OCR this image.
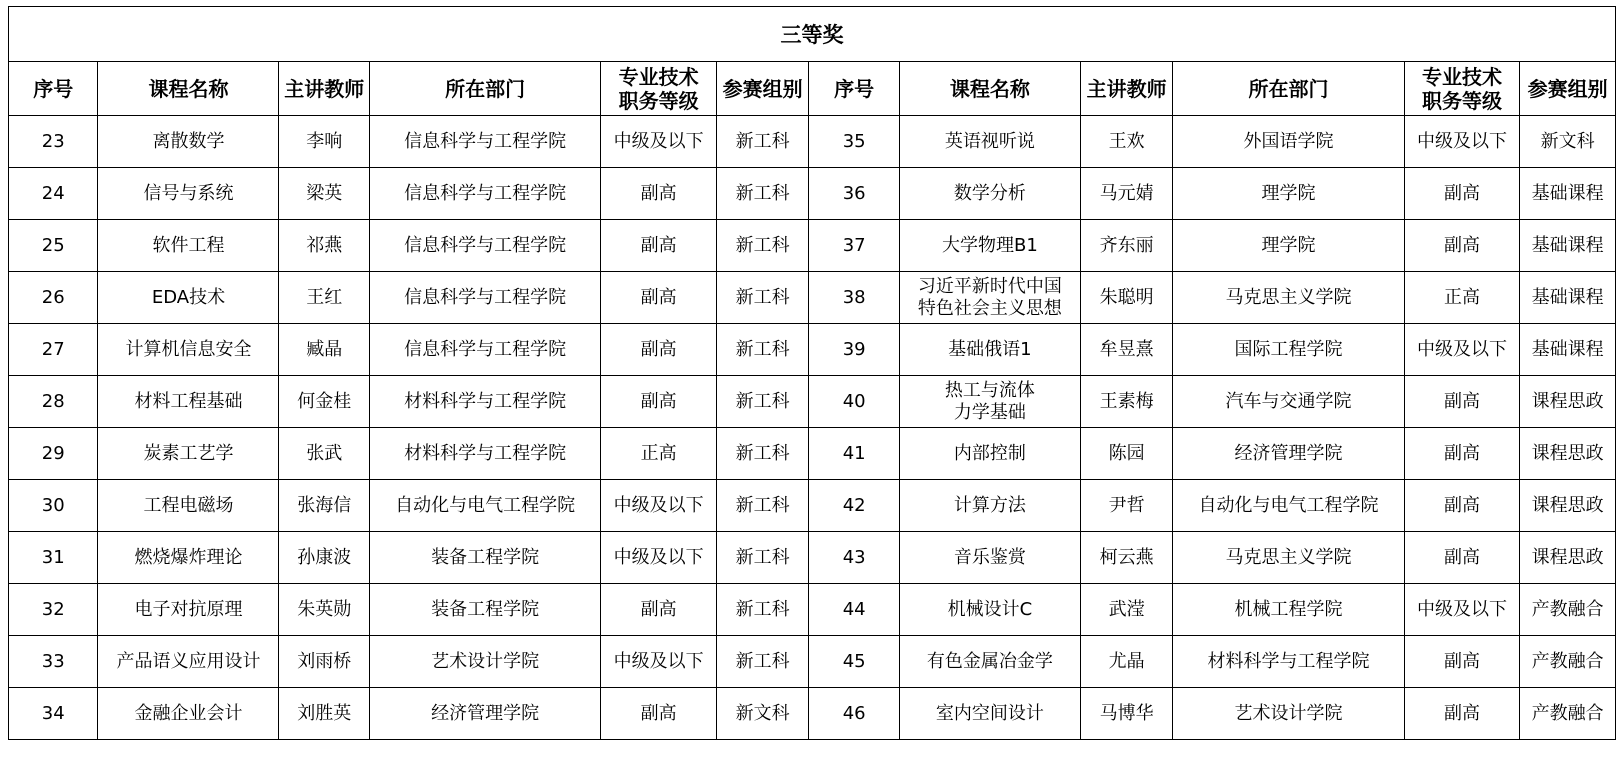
三等奖											
序号	课程名称	主讲教师	所在部门	专业技术
职务等级	参赛组别	序号	课程名称	主讲教师	所在部门	专业技术
职务等级	参赛组别
23	离散数学	李响	信息科学与工程学院	中级及以下	新工科	35	英语视听说	王欢	外国语学院	中级及以下	新文科
24	信号与系统	梁英	信息科学与工程学院	副高	新工科	36	数学分析	马元婧	理学院	副高	基础课程
25	软件工程	祁燕	信息科学与工程学院	副高	新工科	37	大学物理B1	齐东丽	理学院	副高	基础课程
26	EDA技术	王红	信息科学与工程学院	副高	新工科	38	习近平新时代中国
特色社会主义思想	朱聪明	马克思主义学院	正高	基础课程
27	计算机信息安全	臧晶	信息科学与工程学院	副高	新工科	39	基础俄语1	牟昱熹	国际工程学院	中级及以下	基础课程
28	材料工程基础	何金桂	材料科学与工程学院	副高	新工科	40	热工与流体
力学基础	王素梅	汽车与交通学院	副高	课程思政
29	炭素工艺学	张武	材料科学与工程学院	正高	新工科	41	内部控制	陈园	经济管理学院	副高	课程思政
30	工程电磁场	张海信	自动化与电气工程学院	中级及以下	新工科	42	计算方法	尹哲	自动化与电气工程学院	副高	课程思政
31	燃烧爆炸理论	孙康波	装备工程学院	中级及以下	新工科	43	音乐鉴赏	柯云燕	马克思主义学院	副高	课程思政
32	电子对抗原理	朱英勋	装备工程学院	副高	新工科	44	机械设计C	武滢	机械工程学院	中级及以下	产教融合
33	产品语义应用设计	刘雨桥	艺术设计学院	中级及以下	新工科	45	有色金属冶金学	尤晶	材料科学与工程学院	副高	产教融合
34	金融企业会计	刘胜英	经济管理学院	副高	新文科	46	室内空间设计	马博华	艺术设计学院	副高	产教融合
